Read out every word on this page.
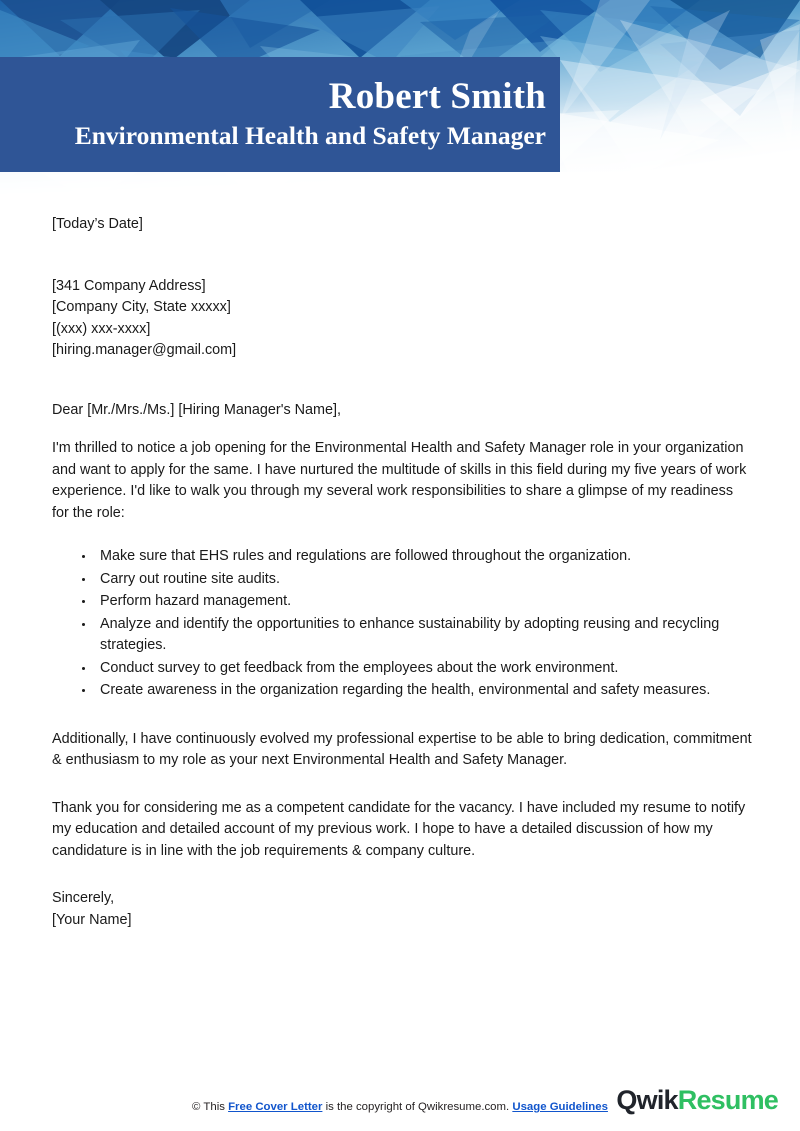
Robert Smith
Environmental Health and Safety Manager
[Today’s Date]
[341 Company Address]
[Company City, State xxxxx]
[(xxx) xxx-xxxx]
[hiring.manager@gmail.com]
Dear [Mr./Mrs./Ms.] [Hiring Manager's Name],
I'm thrilled to notice a job opening for the Environmental Health and Safety Manager role in your organization and want to apply for the same. I have nurtured the multitude of skills in this field during my five years of work experience. I'd like to walk you through my several work responsibilities to share a glimpse of my readiness for the role:
Make sure that EHS rules and regulations are followed throughout the organization.
Carry out routine site audits.
Perform hazard management.
Analyze and identify the opportunities to enhance sustainability by adopting reusing and recycling strategies.
Conduct survey to get feedback from the employees about the work environment.
Create awareness in the organization regarding the health, environmental and safety measures.
Additionally, I have continuously evolved my professional expertise to be able to bring dedication, commitment & enthusiasm to my role as your next Environmental Health and Safety Manager.
Thank you for considering me as a competent candidate for the vacancy. I have included my resume to notify my education and detailed account of my previous work. I hope to have a detailed discussion of how my candidature is in line with the job requirements & company culture.
Sincerely,
[Your Name]
© This Free Cover Letter is the copyright of Qwikresume.com. Usage Guidelines QwikResume
